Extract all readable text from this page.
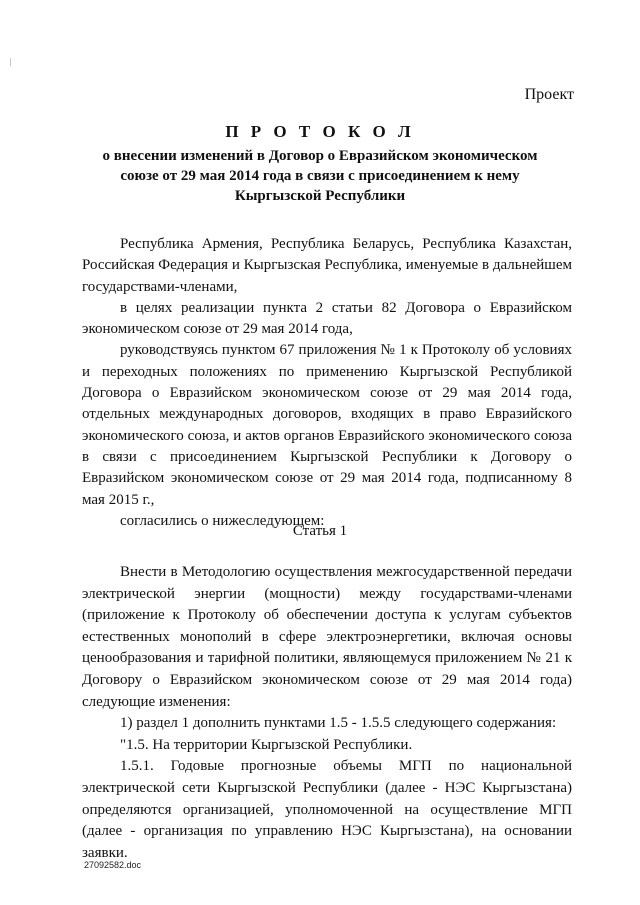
Проект
П Р О Т О К О Л
о внесении изменений в Договор о Евразийском экономическом союзе от 29 мая 2014 года в связи с присоединением к нему Кыргызской Республики

Республика Армения, Республика Беларусь, Республика Казахстан, Российская Федерация и Кыргызская Республика, именуемые в дальнейшем государствами-членами,

в целях реализации пункта 2 статьи 82 Договора о Евразийском экономическом союзе от 29 мая 2014 года,

руководствуясь пунктом 67 приложения № 1 к Протоколу об условиях и переходных положениях по применению Кыргызской Республикой Договора о Евразийском экономическом союзе от 29 мая 2014 года, отдельных международных договоров, входящих в право Евразийского экономического союза, и актов органов Евразийского экономического союза в связи с присоединением Кыргызской Республики к Договору о Евразийском экономическом союзе от 29 мая 2014 года, подписанному 8 мая 2015 г.,

согласились о нижеследующем:

Статья 1

Внести в Методологию осуществления межгосударственной передачи электрической энергии (мощности) между государствами-членами (приложение к Протоколу об обеспечении доступа к услугам субъектов естественных монополий в сфере электроэнергетики, включая основы ценообразования и тарифной политики, являющемуся приложением № 21 к Договору о Евразийском экономическом союзе от 29 мая 2014 года) следующие изменения:

1) раздел 1 дополнить пунктами 1.5 - 1.5.5 следующего содержания:

"1.5. На территории Кыргызской Республики.

1.5.1. Годовые прогнозные объемы МГП по национальной электрической сети Кыргызской Республики (далее - НЭС Кыргызстана) определяются организацией, уполномоченной на осуществление МГП (далее - организация по управлению НЭС Кыргызстана), на основании заявки.

27092582.doc
